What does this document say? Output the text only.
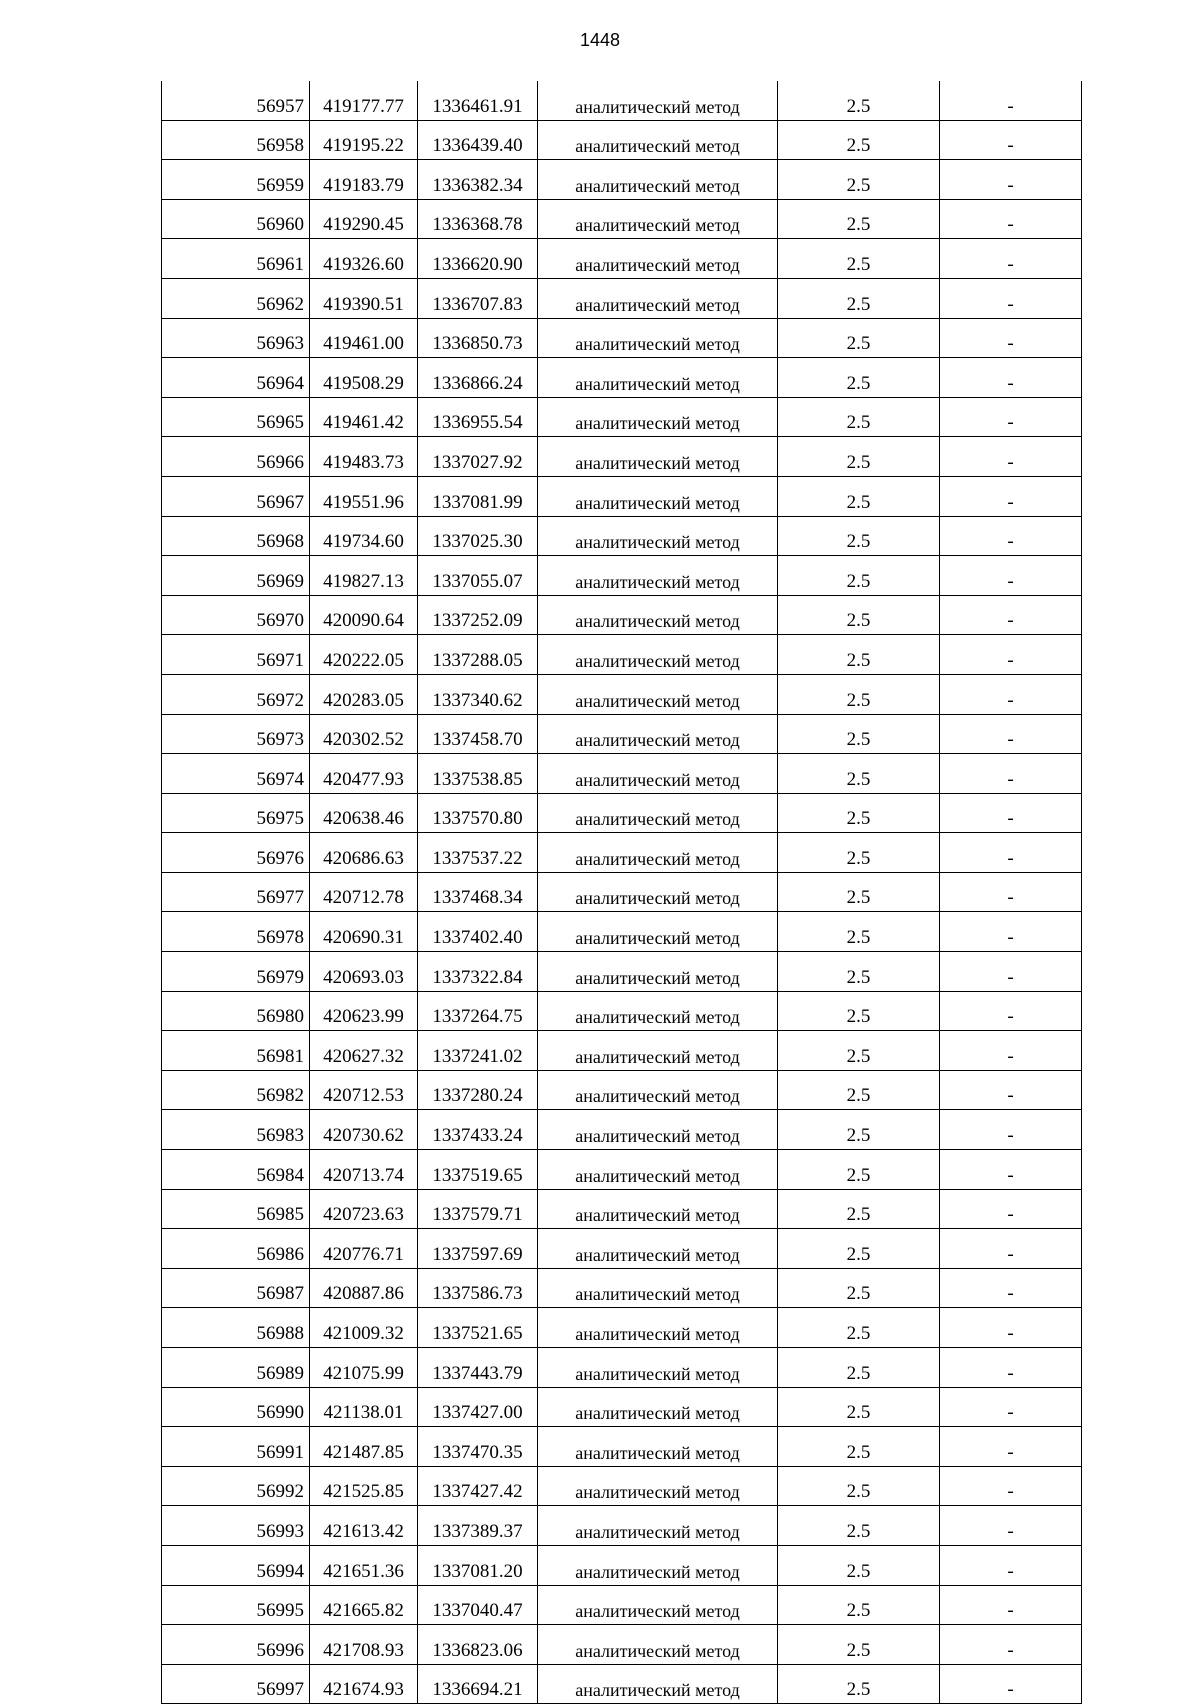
1448
56957	419177.77	1336461.91	аналитический метод	2.5	-
56958	419195.22	1336439.40	аналитический метод	2.5	-
56959	419183.79	1336382.34	аналитический метод	2.5	-
56960	419290.45	1336368.78	аналитический метод	2.5	-
56961	419326.60	1336620.90	аналитический метод	2.5	-
56962	419390.51	1336707.83	аналитический метод	2.5	-
56963	419461.00	1336850.73	аналитический метод	2.5	-
56964	419508.29	1336866.24	аналитический метод	2.5	-
56965	419461.42	1336955.54	аналитический метод	2.5	-
56966	419483.73	1337027.92	аналитический метод	2.5	-
56967	419551.96	1337081.99	аналитический метод	2.5	-
56968	419734.60	1337025.30	аналитический метод	2.5	-
56969	419827.13	1337055.07	аналитический метод	2.5	-
56970	420090.64	1337252.09	аналитический метод	2.5	-
56971	420222.05	1337288.05	аналитический метод	2.5	-
56972	420283.05	1337340.62	аналитический метод	2.5	-
56973	420302.52	1337458.70	аналитический метод	2.5	-
56974	420477.93	1337538.85	аналитический метод	2.5	-
56975	420638.46	1337570.80	аналитический метод	2.5	-
56976	420686.63	1337537.22	аналитический метод	2.5	-
56977	420712.78	1337468.34	аналитический метод	2.5	-
56978	420690.31	1337402.40	аналитический метод	2.5	-
56979	420693.03	1337322.84	аналитический метод	2.5	-
56980	420623.99	1337264.75	аналитический метод	2.5	-
56981	420627.32	1337241.02	аналитический метод	2.5	-
56982	420712.53	1337280.24	аналитический метод	2.5	-
56983	420730.62	1337433.24	аналитический метод	2.5	-
56984	420713.74	1337519.65	аналитический метод	2.5	-
56985	420723.63	1337579.71	аналитический метод	2.5	-
56986	420776.71	1337597.69	аналитический метод	2.5	-
56987	420887.86	1337586.73	аналитический метод	2.5	-
56988	421009.32	1337521.65	аналитический метод	2.5	-
56989	421075.99	1337443.79	аналитический метод	2.5	-
56990	421138.01	1337427.00	аналитический метод	2.5	-
56991	421487.85	1337470.35	аналитический метод	2.5	-
56992	421525.85	1337427.42	аналитический метод	2.5	-
56993	421613.42	1337389.37	аналитический метод	2.5	-
56994	421651.36	1337081.20	аналитический метод	2.5	-
56995	421665.82	1337040.47	аналитический метод	2.5	-
56996	421708.93	1336823.06	аналитический метод	2.5	-
56997	421674.93	1336694.21	аналитический метод	2.5	-
